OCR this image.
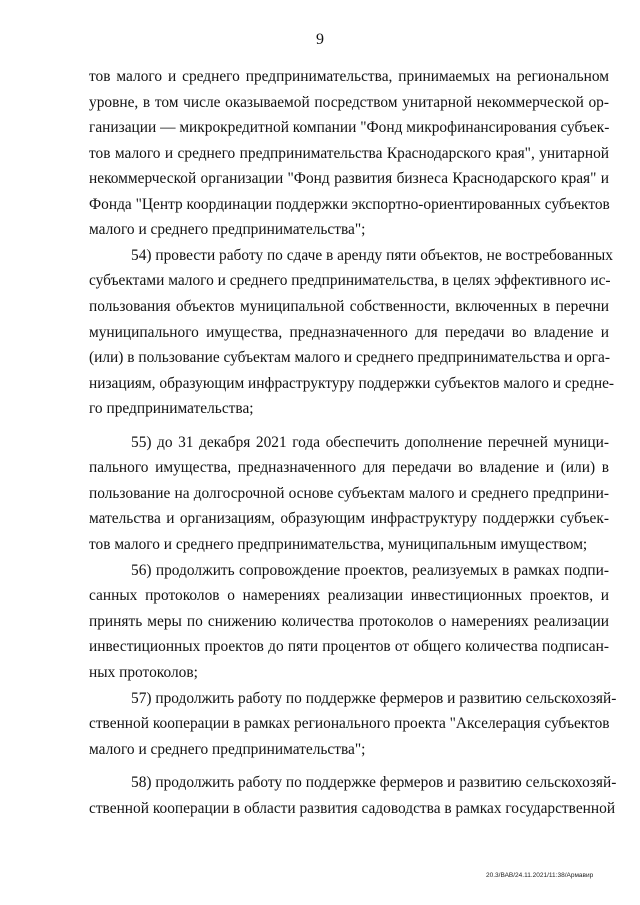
9
тов малого и среднего предпринимательства, принимаемых на региональном
уровне, в том числе оказываемой посредством унитарной некоммерческой ор-
ганизации — микрокредитной компании "Фонд микрофинансирования субъек-
тов малого и среднего предпринимательства Краснодарского края", унитарной
некоммерческой организации "Фонд развития бизнеса Краснодарского края" и
Фонда "Центр координации поддержки экспортно-ориентированных субъектов
малого и среднего предпринимательства";
54) провести работу по сдаче в аренду пяти объектов, не востребованных
субъектами малого и среднего предпринимательства, в целях эффективного ис-
пользования объектов муниципальной собственности, включенных в перечни
муниципального имущества, предназначенного для передачи во владение и
(или) в пользование субъектам малого и среднего предпринимательства и орга-
низациям, образующим инфраструктуру поддержки субъектов малого и средне-
го предпринимательства;
55) до 31 декабря 2021 года обеспечить дополнение перечней муници-
пального имущества, предназначенного для передачи во владение и (или) в
пользование на долгосрочной основе субъектам малого и среднего предприни-
мательства и организациям, образующим инфраструктуру поддержки субъек-
тов малого и среднего предпринимательства, муниципальным имуществом;
56) продолжить сопровождение проектов, реализуемых в рамках подпи-
санных протоколов о намерениях реализации инвестиционных проектов, и
принять меры по снижению количества протоколов о намерениях реализации
инвестиционных проектов до пяти процентов от общего количества подписан-
ных протоколов;
57) продолжить работу по поддержке фермеров и развитию сельскохозяй-
ственной кооперации в рамках регионального проекта "Акселерация субъектов
малого и среднего предпринимательства";
58) продолжить работу по поддержке фермеров и развитию сельскохозяй-
ственной кооперации в области развития садоводства в рамках государственной
20.3/ВАВ/24.11.2021/11:38/Армавир
